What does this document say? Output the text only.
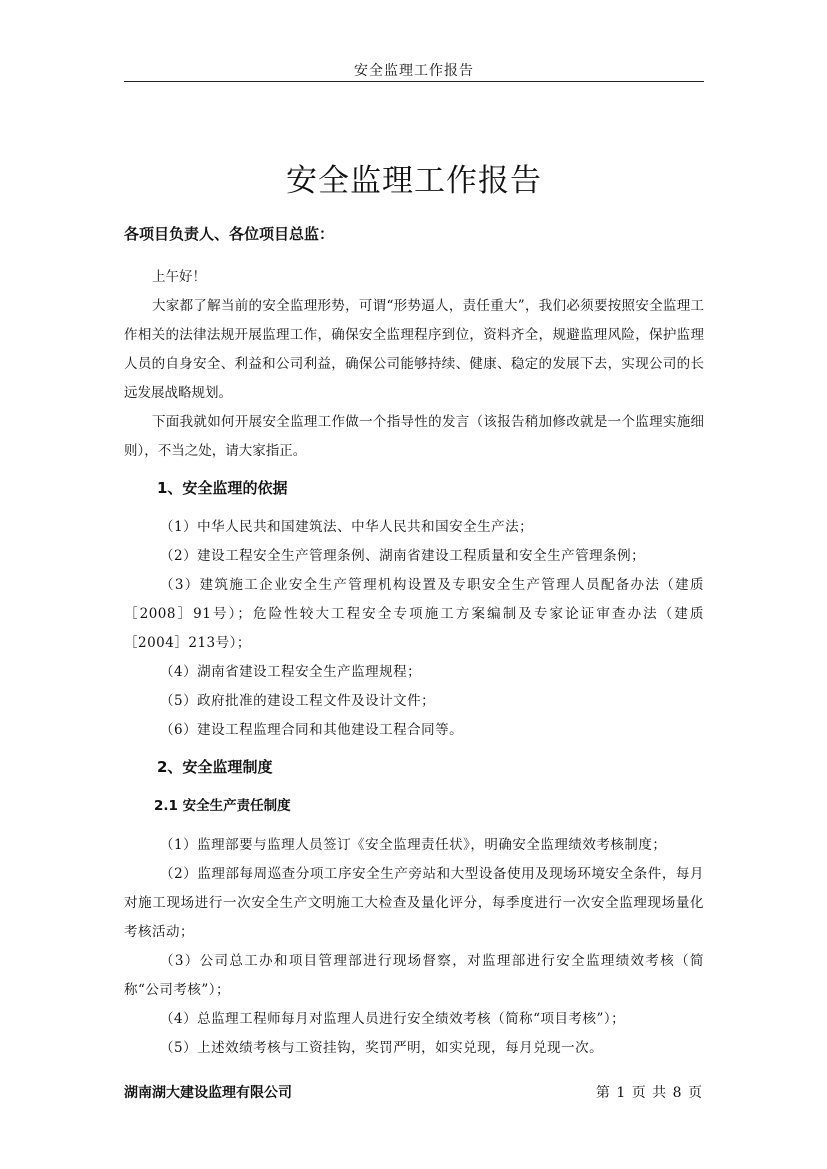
安全监理工作报告
安全监理工作报告

各项目负责人、各位项目总监：

上午好！

大家都了解当前的安全监理形势，可谓“形势逼人，责任重大”，我们必须要按照安全监理工作相关的法律法规开展监理工作，确保安全监理程序到位，资料齐全，规避监理风险，保护监理人员的自身安全、利益和公司利益，确保公司能够持续、健康、稳定的发展下去，实现公司的长远发展战略规划。

下面我就如何开展安全监理工作做一个指导性的发言（该报告稍加修改就是一个监理实施细则），不当之处，请大家指正。

1、安全监理的依据

（1）中华人民共和国建筑法、中华人民共和国安全生产法；

（2）建设工程安全生产管理条例、湖南省建设工程质量和安全生产管理条例；

（3）建筑施工企业安全生产管理机构设置及专职安全生产管理人员配备办法（建质［2008］91号）；危险性较大工程安全专项施工方案编制及专家论证审查办法（建质［2004］213号）；

（4）湖南省建设工程安全生产监理规程；

（5）政府批准的建设工程文件及设计文件；

（6）建设工程监理合同和其他建设工程合同等。

2、安全监理制度
2.1 安全生产责任制度

（1）监理部要与监理人员签订《安全监理责任状》，明确安全监理绩效考核制度；

（2）监理部每周巡查分项工序安全生产旁站和大型设备使用及现场环境安全条件，每月对施工现场进行一次安全生产文明施工大检查及量化评分，每季度进行一次安全监理现场量化考核活动；

（3）公司总工办和项目管理部进行现场督察，对监理部进行安全监理绩效考核（简称“公司考核”）；

（4）总监理工程师每月对监理人员进行安全绩效考核（简称“项目考核”）；

（5）上述效绩考核与工资挂钩，奖罚严明，如实兑现，每月兑现一次。

湖南湖大建设监理有限公司	第 1 页 共 8 页
